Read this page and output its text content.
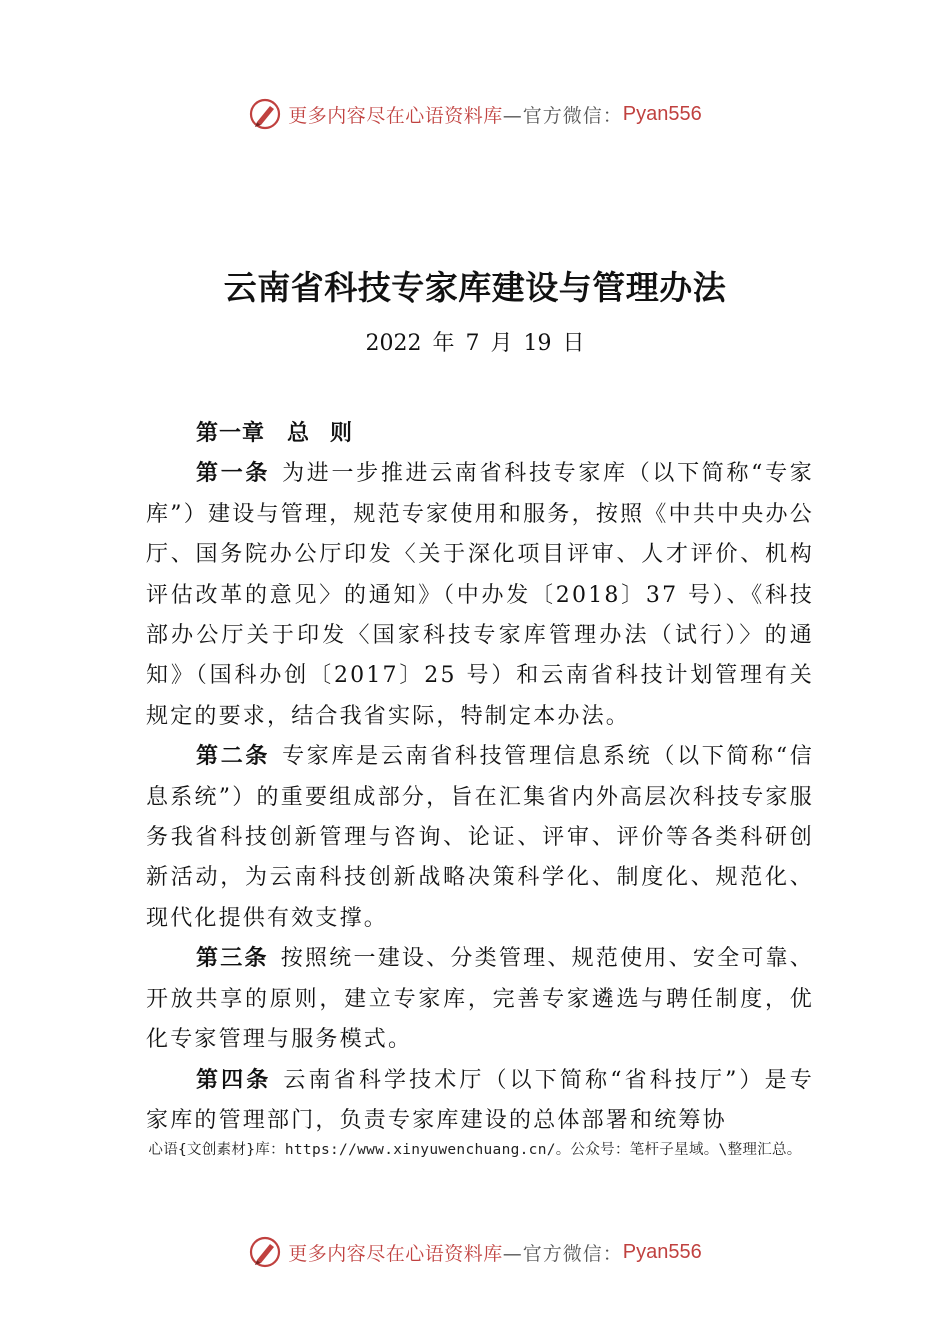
更多内容尽在心语资料库 —官方微信： Pyan556
云南省科技专家库建设与管理办法
2022 年 7 月 19 日

第一章 总 则

第一条 为进一步推进云南省科技专家库（以下简称“专家库”）建设与管理，规范专家使用和服务，按照《中共中央办公厅、国务院办公厅印发〈关于深化项目评审、人才评价、机构评估改革的意见〉的通知》（中办发〔2018〕37 号）、《科技部办公厅关于印发〈国家科技专家库管理办法（试行）〉的通知》（国科办创〔2017〕25 号）和云南省科技计划管理有关规定的要求，结合我省实际，特制定本办法。

第二条 专家库是云南省科技管理信息系统（以下简称“信息系统”）的重要组成部分，旨在汇集省内外高层次科技专家服务我省科技创新管理与咨询、论证、评审、评价等各类科研创新活动，为云南科技创新战略决策科学化、制度化、规范化、现代化提供有效支撑。

第三条 按照统一建设、分类管理、规范使用、安全可靠、开放共享的原则，建立专家库，完善专家遴选与聘任制度，优化专家管理与服务模式。

第四条 云南省科学技术厅（以下简称“省科技厅”）是专家库的管理部门，负责专家库建设的总体部署和统筹协

心语{文创素材}库：https://www.xinyuwenchuang.cn/。公众号：笔杆子星域。\整理汇总。
更多内容尽在心语资料库 —官方微信： Pyan556
